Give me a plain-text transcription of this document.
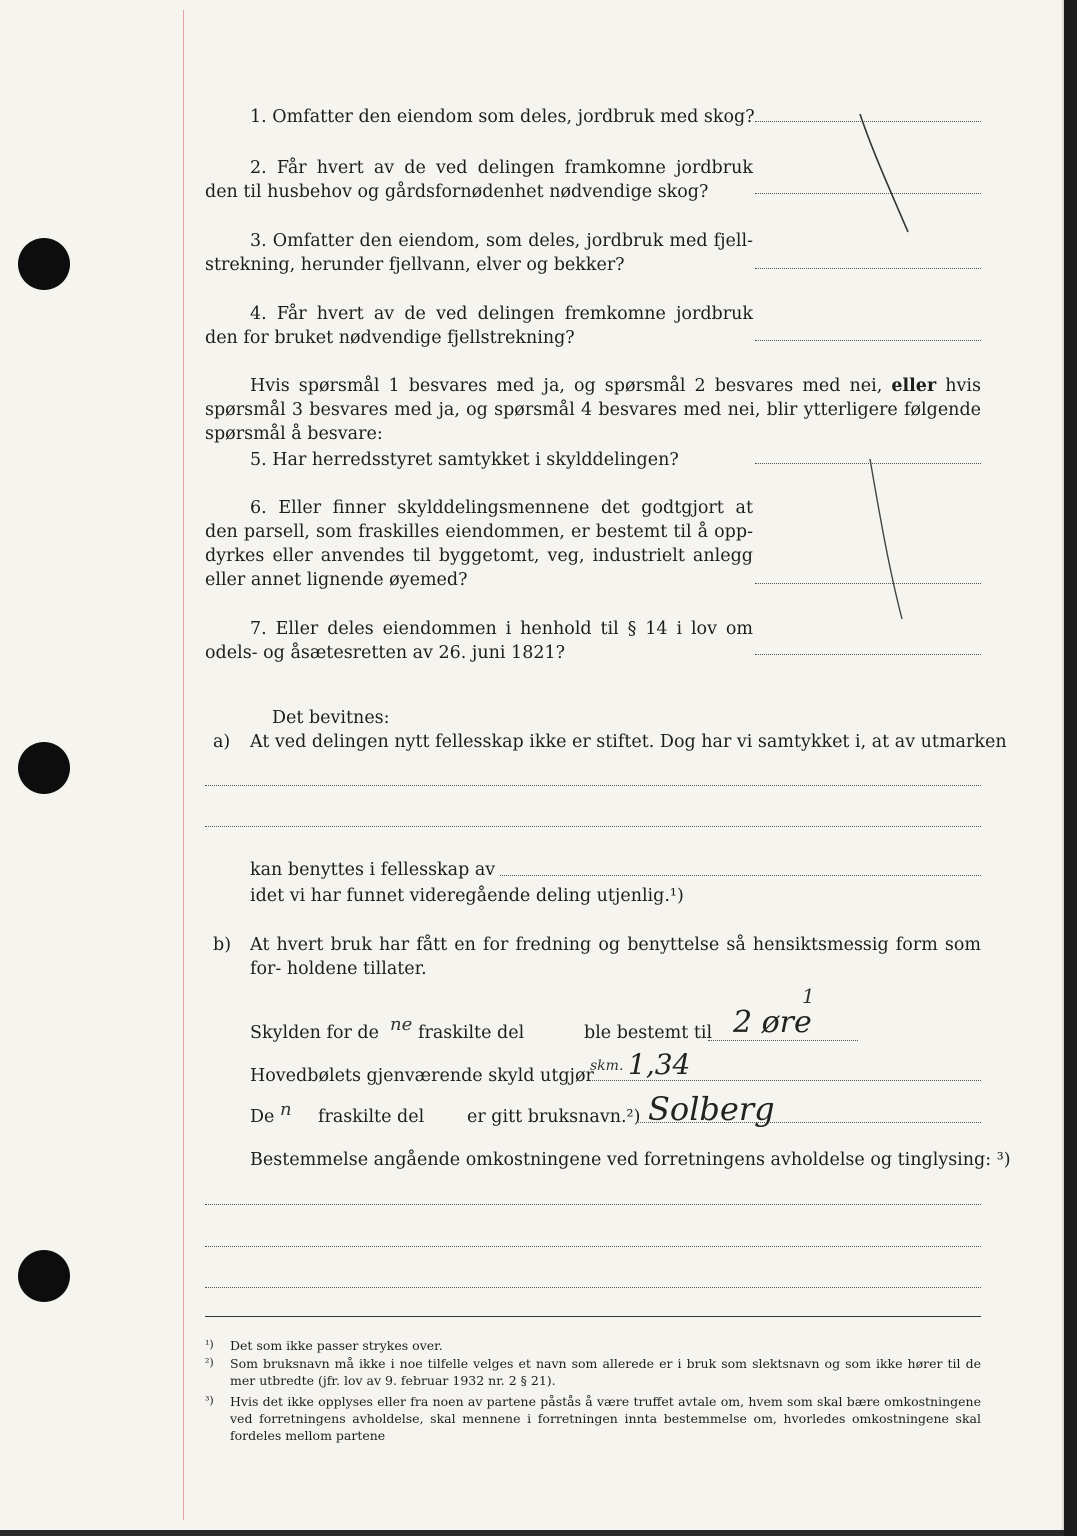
1. Omfatter den eiendom som deles, jordbruk med skog?
2. Får hvert av de ved delingen framkomne jordbruk den til husbehov og gårdsfornødenhet nødvendige skog?
3. Omfatter den eiendom, som deles, jordbruk med fjell- strekning, herunder fjellvann, elver og bekker?
4. Får hvert av de ved delingen fremkomne jordbruk den for bruket nødvendige fjellstrekning?
Hvis spørsmål 1 besvares med ja, og spørsmål 2 besvares med nei, eller hvis spørsmål 3 besvares med ja, og spørsmål 4 besvares med nei, blir ytterligere følgende spørsmål å besvare:
5. Har herredsstyret samtykket i skylddelingen?
6. Eller finner skylddelingsmennene det godtgjort at den parsell, som fraskilles eiendommen, er bestemt til å opp- dyrkes eller anvendes til byggetomt, veg, industrielt anlegg eller annet lignende øyemed?
7. Eller deles eiendommen i henhold til § 14 i lov om odels- og åsætesretten av 26. juni 1821?
Det bevitnes:
a) At ved delingen nytt fellesskap ikke er stiftet. Dog har vi samtykket i, at av utmarken
kan benyttes i fellesskap av
idet vi har funnet videregående deling utjenlig.¹)
b) At hvert bruk har fått en for fredning og benyttelse så hensiktsmessig form som for- holdene tillater.
Skylden for de ne fraskilte del	ble bestemt til 2 øre
1
Hovedbølets gjenværende skyld utgjør
skm. 1,34
De n fraskilte del er gitt bruksnavn.²) Solberg
Bestemmelse angående omkostningene ved forretningens avholdelse og tinglysing: ³)
¹) Det som ikke passer strykes over.
²) Som bruksnavn må ikke i noe tilfelle velges et navn som allerede er i bruk som slektsnavn og som ikke hører til de mer utbredte (jfr. lov av 9. februar 1932 nr. 2 § 21).
³) Hvis det ikke opplyses eller fra noen av partene påstås å være truffet avtale om, hvem som skal bære omkostningene ved forretningens avholdelse, skal mennene i forretningen innta bestemmelse om, hvorledes omkostningene skal fordeles mellom partene
